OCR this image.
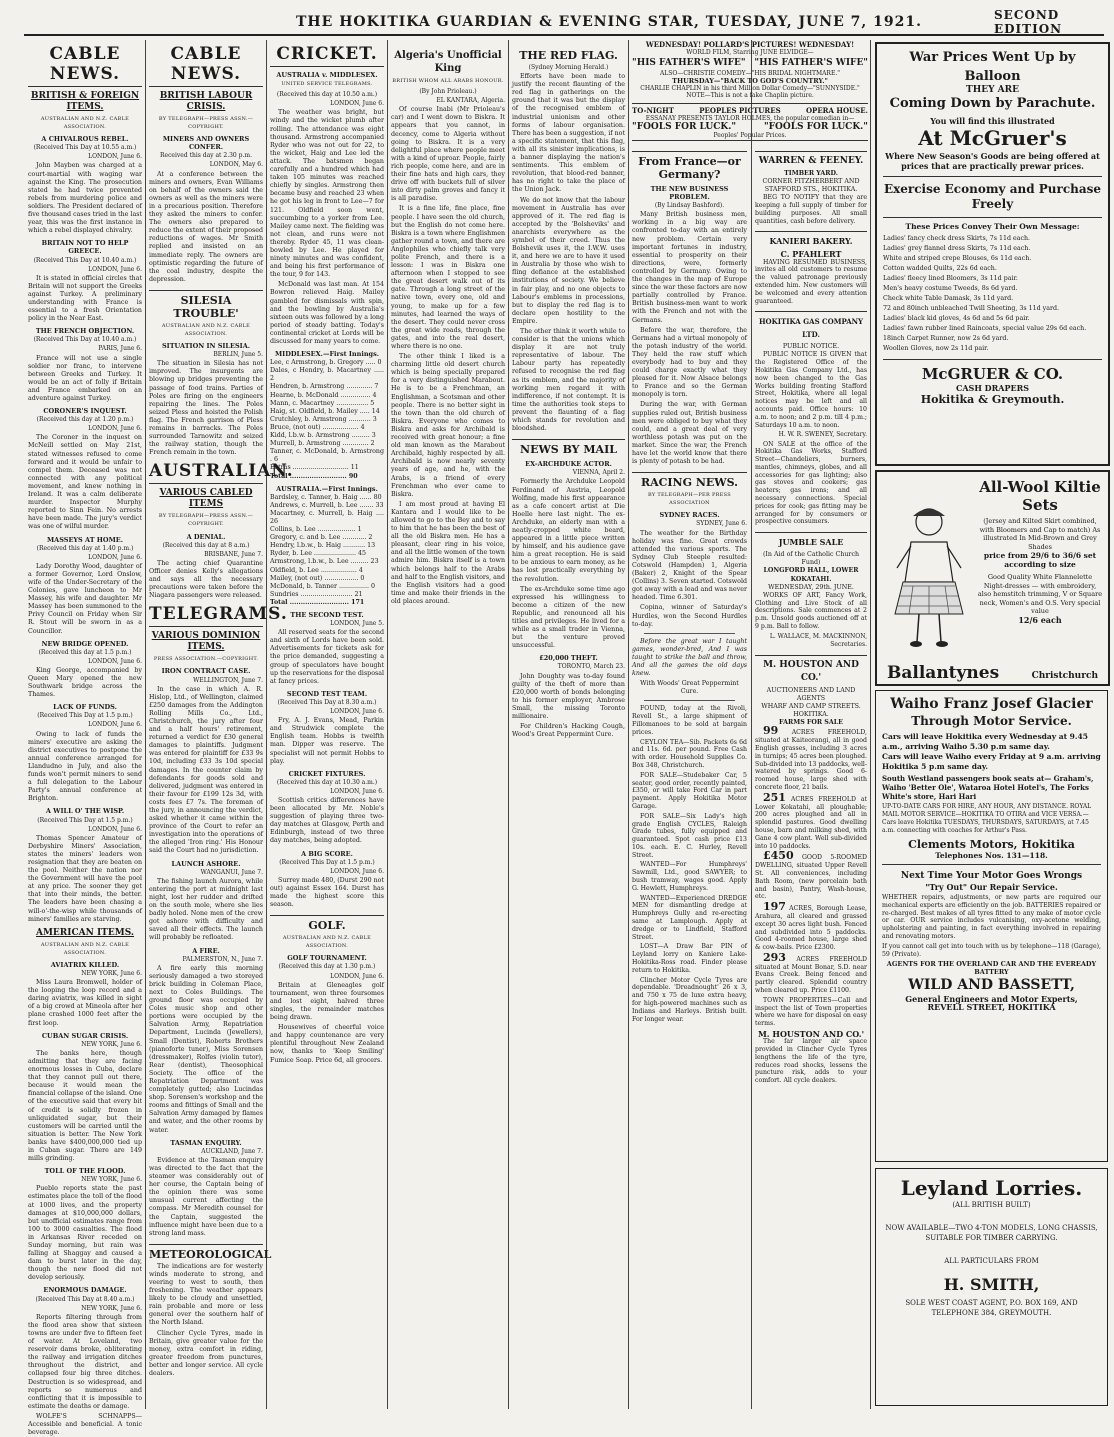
THE HOKITIKA GUARDIAN & EVENING STAR, TUESDAY, JUNE 7, 1921.	SECOND EDITION
CABLE NEWS.
BRITISH & FOREIGN ITEMS.
AUSTRALIAN AND N.Z. CABLE ASSOCIATION.
A CHIVALROUS REBEL.
(Received This Day at 10.55 a.m.)
LONDON, June 6.

John Mayben was charged at a court-martial with waging war against the King. The prosecution stated he had twice prevented rebels from murdering police and soldiers. The President declared of five thousand cases tried in the last year, this was the first instance in which a rebel displayed chivalry.

BRITAIN NOT TO HELP GREECE.
(Received This Day at 10.40 a.m.)
LONDON, June 6.

It is stated in official circles that Britain will not support the Greeks against Turkey. A preliminary understanding with France is essential to a fresh Orientation policy in the Near East.

THE FRENCH OBJECTION.
(Received This Day at 10.40 a.m.)
PARIS, June 6.

France will not use a single soldier nor franc, to intervene between Greeks and Turkey. It would be an act of folly if Britain and France embarked on an adventure against Turkey.

CORONER'S INQUEST.
(Received this day at 1.20 p.m.)
LONDON, June 6.

The Coroner in the inquest on McNeill settled on May 21st, stated witnesses refused to come forward and it would be unfair to compel them. Deceased was not connected with any political movement, and knew nothing in Ireland. It was a calm deliberate murder. Inspector Murphy reported to Sinn Fein. No arrests have been made. The jury's verdict was one of wilful murder.

MASSEYS AT HOME.
(Received this day at 1.40 p.m.)
LONDON, June 6.

Lady Dorothy Wood, daughter of a former Governor, Lord Onslow, wife of the Under-Secretary of the Colonies, gave luncheon to Mr Massey, his wife and daughter. Mr Massey has been summoned to the Privy Council on Friday when Sir R. Stout will be sworn in as a Councillor.

NEW BRIDGE OPENED.
(Received this day at 1.5 p.m.)
LONDON, June 6.

King George, accompanied by Queen Mary opened the new Southwark bridge across the Thames.

LACK OF FUNDS.
(Received This Day at 1.5 p.m.)
LONDON, June 6.

Owing to lack of funds the miners' executive are asking the district executives to postpone the annual conference arranged for Llandudno in July, and also the funds won't permit miners to send a full delegation to the Labour Party's annual conference at Brighton.

A WILL O' THE WISP.
(Received This Day at 1.5 p.m.)
LONDON, June 6.

Thomas Spencer Amateur of Derbyshire Miners' Association, states the miners' leaders won resignation that they are beaten on the pool. Neither the nation nor the Government will have the pool at any price. The sooner they get that into their minds, the better. The leaders have been chasing a will-o'-the-wisp while thousands of miners' families are starving.

AMERICAN ITEMS.
AUSTRALIAN AND N.Z. CABLE ASSOCIATION.
AVIATRIX KILLED.
NEW YORK, June 6.

Miss Laura Bromwell, holder of the looping the loop record and a daring aviatrix, was killed in sight of a big crowd at Mineola after her plane crashed 1000 feet after the first loop.

CUBAN SUGAR CRISIS.
NEW YORK, June 6.

The banks here, though admitting that they are facing enormous losses in Cuba, declare that they cannot pull out there, because it would mean the financial collapse of the island. One of the executive said that every bit of credit is solidly frozen in unliquidated sugar, but their customers will be carried until the situation is better. The New York banks have $400,000,000 tied up in Cuban sugar. There are 149 mills grinding.

TOLL OF THE FLOOD.
NEW YORK, June 6.

Pueblo reports state the past estimates place the toll of the flood at 1000 lives, and the property damages at $10,000,000 dollars, but unofficial estimates range from 100 to 3000 casualties. The flood in Arkansas River receded on Sunday morning, but rain was falling at Shaggay and caused a dam to burst later in the day, though the new flood did not develop seriously.

ENORMOUS DAMAGE.
(Received This Day at 8.40 a.m.)
NEW YORK, June 6.

Reports filtering through from the flood area show that sixteen towns are under five to fifteen feet of water. At Loveland, two reservoir dams broke, obliterating the railway and irrigation ditches throughout the district, and collapsed four big three ditches. Destruction is so widespread, and reports so numerous and conflicting that it is impossible to estimate the deaths or damage.

WOLFE'S SCHNAPPS—Accessible and beneficial. A tonic beverage.

CABLE NEWS.
BRITISH LABOUR CRISIS.
BY TELEGRAPH—PRESS ASSN.—COPYRIGHT.
MINERS AND OWNERS CONFER.
Received this day at 2.30 p.m.
LONDON, May 6.

At a conference between the miners and owners, Evan Williams on behalf of the owners said the owners as well as the miners were in a precarious position. Therefore they asked the miners to confer. The owners also prepared to reduce the extent of their proposed reductions of wages. Mr Smith replied and insisted on an immediate reply. The owners are optimistic regarding the future of the coal industry, despite the depression.

SILESIA TROUBLE'
AUSTRALIAN AND N.Z. CABLE ASSOCIATION.
SITUATION IN SILESIA.
BERLIN, June 5.

The situation in Silesia has not improved. The insurgents are blowing up bridges preventing the passage of food trains. Parties of Poles are firing on the engineers repairing the lines. The Poles seized Pless and hoisted the Polish flag. The French garrison of Pless remains in barracks. The Poles surrounded Tarnowitz and seized the railway station, though the French remain in the town.

AUSTRALIAN.
VARIOUS CABLED ITEMS
BY TELEGRAPH—PRESS ASSN.—COPYRIGHT.
A DENIAL.
(Received this day at 8 a.m.)
BRISBANE, June 7.

The acting chief Quarantine Officer denies Kelly's allegations and says all the necessary precautions were taken before the Niagara passengers were released.

TELEGRAMS.
VARIOUS DOMINION ITEMS.
PRESS ASSOCIATION.—COPYRIGHT.
IRON CONTRACT CASE.
WELLINGTON, June 7.

In the case in which A. R. Hislop, Ltd., of Wellington, claimed £250 damages from the Addington Rolling Mills Co., Ltd., Christchurch, the jury after four and a half hours' retirement, returned a verdict for £30 general damages to plaintiffs. Judgment was entered for plaintiff for £33 9s 10d, including £33 3s 10d special damages. In the counter claim by defendants for goods sold and delivered, judgment was entered in their favour for £199 12s 3d, with costs fees £7 7s. The foreman of the jury, in announcing the verdict, asked whether it came within the province of the Court to refer an investigation into the operations of the alleged 'Iron ring.' His Honour said the Court had no jurisdiction.

LAUNCH ASHORE.
WANGANUI, June 7.

The fishing launch Aurora, while entering the port at midnight last night, lost her rudder and drifted on the south mole, where she lies badly holed. None men of the crew got ashore with difficulty and saved all their effects. The launch will probably be refloated.

A FIRE.
PALMERSTON, N., June 7.

A fire early this morning seriously damaged a two storeyed brick building in Coleman Place, next to Coles Buildings. The ground floor was occupied by Coles music shop and other portions were occupied by the Salvation Army, Repatriation Department, Lucinda (Jewellers), Small (Dentist), Roberts Brothers (pianoforte tuner), Miss Sorensen (dressmaker), Rolfes (violin tutor), Rear (dentist), Theosophical Society. The office of the Repatriation Department was completely gutted; also Lucindas shop. Sorensen's workshop and the rooms and fittings of Small and the Salvation Army damaged by flames and water, and the other rooms by water.

TASMAN ENQUIRY.
AUCKLAND, June 7.

Evidence at the Tasman enquiry was directed to the fact that the steamer was considerably out of her course, the Captain being of the opinion there was some unusual current affecting the compass. Mr Meredith counsel for the Captain, suggested the influence might have been due to a strong land mass.

METEOROLOGICAL

The indications are for westerly winds moderate to strong, and veering to west to south, then freshening. The weather appears likely to be cloudy and unsettled, rain probable and more or less general over the southern half of the North Island.

Clincher Cycle Tyres, made in Britain, give greater value for the money, extra comfort in riding, greater freedom from punctures, better and longer service. All cycle dealers.

CRICKET.
AUSTRALIA v. MIDDLESEX.
UNITED SERVICE TELEGRAMS.
(Received this day at 10.50 a.m.)
LONDON, June 6.

The weather was bright, but windy and the wicket plumb after rolling. The attendance was eight thousand. Armstrong accompanied Ryder who was not out for 22, to the wicket, Haig and Lee led the attack. The batsmen began carefully and a hundred which had taken 105 minutes was reached chiefly by singles. Armstrong then became busy and reached 23 when he got his leg in front to Lee—7 for 121. Oldfield soon went, succumbing to a yorker from Lee. Mailey came next. The fielding was not clean, and runs were not thereby. Ryder 45, 11 was clean-bowled by Lee. He played for ninety minutes and was confident, and being his first performance of the tour, 9 for 143.

McDonald was last man. At 154 Bowron relieved Haig. Mailey gambled for dismissals with spin, and the bowling by Australia's sixteen outs was followed by a long period of steady batting. Today's continental cricket at Lords will be discussed for many years to come.

MIDDLESEX.—First Innings.
Lee, c Armstrong, b. Gregory ..... 0
Dales, c Hendry, b. Macartney ..... 2
Hendren, b. Armstrong ............. 7
Hearne, b. McDonald ............... 4
Mann, c. Macartney ................ 5
Haig, st. Oldfield, b. Mailey ..... 14
Crutchley, b. Armstrong ........... 3
Bruce, (not out) .................. 4
Kidd, l.b.w. b. Armstrong ......... 3
Murrell, b. Armstrong ............. 2
Tanner, c. McDonald, b. Armstrong . 6
Extras ............................ 11
Total .......................... 90
AUSTRALIA.—First Innings.
Bardsley, c. Tanner, b. Haig ...... 80
Andrews, c. Murrell, b. Lee ....... 33
Macartney, c. Murrell, b. Haig .... 26
Collins, b. Lee ................... 1
Gregory, c. and b. Lee ............ 2
Hendry, l.b.w., b. Haig ........... 13
Ryder, b. Lee ..................... 45
Armstrong, l.b.w., b. Lee ......... 23
Oldfield, b. Lee .................. 4
Mailey, (not out) ................. 0
McDonald, b. Tanner ............... 0
Sundries .......................... 21
Total ........................... 171
THE SECOND TEST.
LONDON, June 5.

All reserved seats for the second and sixth of Lords have been sold. Advertisements for tickets ask for the price demanded, suggesting a group of speculators have bought up the reservations for the disposal at fancy prices.

SECOND TEST TEAM.
(Received This Day at 8.30 a.m.)
LONDON, June 6.

Fry, A. J. Evans, Mead, Parkin and Strudwick complete the English team. Hobbs is twelfth man. Dipper was reserve. The specialist will not permit Hobbs to play.

CRICKET FIXTURES.
(Received this day at 10.30 a.m.)
LONDON, June 6.

Scottish critics differences have been allocated by Mr. Noble's suggestion of playing three two-day matches at Glasgow, Perth and Edinburgh, instead of two three day matches, being adopted.

A BIG SCORE.
(Received This Day at 1.5 p.m.)
LONDON, June 6.

Surrey made 480, (Durst 290 not out) against Essex 164. Durst has made the highest score this season.

GOLF.
AUSTRALIAN AND N.Z. CABLE ASSOCIATION.
GOLF TOURNAMENT.
(Received this day at 1.30 p.m.)
LONDON, June 6.

Britain at Gleneagles golf tournament, won three foursomes and lost eight, halved three singles, the remainder matches being drawn.

Housewives of cheerful voice and happy countenance are very plentiful throughout New Zealand now, thanks to 'Keep Smiling' Fumice Soap. Price 6d, all grocers.

Algeria's Unofficial King
BRITISH WHOM ALL ARABS HONOUR.
(By John Prioleau.)
EL KANTARA, Algeria.

Of course Inabi (Mr Prioleau's car) and I went down to Biskra. It appears that you cannot, in decency, come to Algeria without going to Biskra. It is a very delightful place where people meet with a kind of uproar. People, fairly rich people, come here, and are in their fine hats and high cars, they drive off with buckets full of silver into dirty palm groves and fancy it is all paradise.

It is a fine life, fine place, fine people. I have seen the old church, but the English do not come here. Biskra is a town where Englishmen gather round a town, and there are Anglophiles who chiefly talk very polite French, and there is a lesson: I was in Biskra one afternoon when I stopped to see the great desert walk out of its gate. Through a long street of the native town, every one, old and young, to make up for a few minutes, had learned the ways of the desert. They could never cross the great wide roads, through the gates, and into the real desert, where there is no one.

The other think I liked is a charming little old desert church which is being specially prepared for a very distinguished Marabout. He is to be a Frenchman, an Englishman, a Scotsman and other people. There is no better sight in the town than the old church of Biskra. Everyone who comes to Biskra and asks for Archibald is received with great honour; a fine old man known as the Marabout Archibald, highly respected by all. Archibald is now nearly seventy years of age, and he, with the Arabs, is a friend of every Frenchman who ever came to Biskra.

I am most proud at having El Kantara and I would like to be allowed to go to the Bey and to say to him that he has been the best of all the old Biskra men. He has a pleasant, clear ring in his voice, and all the little women of the town admire him. Biskra itself is a town which belongs half to the Arabs and half to the English visitors, and the English visitors had a good time and make their friends in the old places around.

THE RED FLAG.
(Sydney Morning Herald.)

Efforts have been made to justify the recent flaunting of the red flag in gatherings on the ground that it was but the display of the recognised emblem of industrial unionism and other forms of labour organisation. There has been a suggestion, if not a specific statement, that this flag, with all its sinister implications, is a banner displaying the nation's sentiments. This emblem of revolution, that blood-red banner, has no right to take the place of the Union Jack.

We do not know that the labour movement in Australia has ever approved of it. The red flag is accepted by the 'Bolsheviks' and anarchists everywhere as the symbol of their creed. Thus the Bolshevik uses it, the I.W.W. uses it, and here we are to have it used in Australia by those who wish to fling defiance at the established institutions of society. We believe in fair play, and no one objects to Labour's emblems in processions, but to display the red flag is to declare open hostility to the Empire.

The other think it worth while to consider is that the unions which display it are not truly representative of labour. The Labour party has repeatedly refused to recognise the red flag as its emblem, and the majority of working men regard it with indifference, if not contempt. It is time the authorities took steps to prevent the flaunting of a flag which stands for revolution and bloodshed.

NEWS BY MAIL
EX-ARCHDUKE ACTOR.
VIENNA, April 2.

Formerly the Archduke Leopold Ferdinand of Austria, Leopold Wolfing, made his first appearance as a cafe concert artist at Die Hoelle here last night. The ex-Archduke, an elderly man with a neatly-cropped white beard, appeared in a little piece written by himself, and his audience gave him a great reception. He is said to be anxious to earn money, as he has lost practically everything by the revolution.

The ex-Archduke some time ago expressed his willingness to become a citizen of the new Republic, and renounced all his titles and privileges. He lived for a while as a small trader in Vienna, but the venture proved unsuccessful.

£20,000 THEFT.
TORONTO, March 23.

John Doughty was to-day found guilty of the theft of more than £20,000 worth of bonds belonging to his former employer, Ambrose Small, the missing Toronto millionaire.

For Children's Hacking Cough, Wood's Great Peppermint Cure.

WEDNESDAY! POLLARD'S PICTURES! WEDNESDAY!
WORLD FILM, Starring JUNE ELVIDGE—
"HIS FATHER'S WIFE" "HIS FATHER'S WIFE"
ALSO—CHRISTIE COMEDY—"HIS BRIDAL NIGHTMARE."
THURSDAY—"BACK TO GOD'S COUNTRY."
CHARLIE CHAPLIN in his third Million Dollar Comedy—"SUNNYSIDE."
NOTE—This is not a fake Chaplin picture.
TO-NIGHT	PEOPLES PICTURES	OPERA HOUSE.
ESSANAY PRESENTS TAYLOR HOLMES, the popular comedian in—
"FOOLS FOR LUCK."	"FOOLS FOR LUCK."
Peoples' Popular Prices.
From France—or Germany?
THE NEW BUSINESS PROBLEM.
(By Lindsay Bashford).

Many British business men, working in a big way are confronted to-day with an entirely new problem. Certain very important fortunes in industry, essential to prosperity on their directions, were, formerly controlled by Germany. Owing to the changes in the map of Europe since the war these factors are now partially controlled by France. British business-men want to work with the French and not with the Germans.

Before the war, therefore, the Germans had a virtual monopoly of the potash industry of the world. They held the raw stuff which everybody had to buy and they could charge exactly what they pleased for it. Now Alsace belongs to France and so the German monopoly is torn.

During the war, with German supplies ruled out, British business men were obliged to buy what they could, and a great deal of very worthless potash was put on the market. Since the war, the French have let the world know that there is plenty of potash to be had.

RACING NEWS.
BY TELEGRAPH—PER PRESS ASSOCIATION
SYDNEY RACES.
SYDNEY, June 6.

The weather for the Birthday holiday was fine. Great crowds attended the various sports. The Sydney Club Steeple resulted: Cotswold (Hampden) 1, Algeria (Baker) 2, Knight of the Spear (Collins) 3. Seven started. Cotswold got away with a lead and was never headed. Time 6.301.

Copina, winner of Saturday's Hurdles, won the Second Hurdles to-day.

Before the great war I taught games, wonder-bred, And I was taught to strike the ball and throw, And all the games the old days knew.

With Woods' Great Peppermint Cure.

FOUND, today at the Rivoli, Revell St., a large shipment of Fillomanoes to be sold at bargain prices.

CEYLON TEA—Sib. Packets 6s 6d and 11s. 6d. per pound. Free Cash with order. Household Supplies Co. Box 348, Christchurch.

FOR SALE—Studebaker Car, 5 seater, good order, recently painted, £350, or will take Ford Car in part payment. Apply Hokitika Motor Garage.

FOR SALE—Six Lady's high grade English CYCLES, Raleigh Grade tubes, fully equipped and guaranteed. Spot cash price £13 10s. each. E. C. Hurley, Revell Street.

WANTED—For Humphreys' Sawmill, Ltd., good SAWYER; to bush tramway, wages good. Apply G. Hewlett, Humphreys.

WANTED—Experienced DREDGE MEN for dismantling dredge at Humphreys Gully and re-erecting same at Lamplough. Apply at dredge or to Lindfield, Stafford Street.

LOST—A Draw Bar PIN of Leyland lorry on Kaniere Lake-Hokitika-Ross road. Finder please return to Hokitika.

Clincher Motor Cycle Tyres are dependable. 'Dreadnought' 26 x 3, and 750 x 75 de luxe extra heavy, for high-powered machines such as Indians and Harleys. British built. For longer wear.

WARREN & FEENEY.
TIMBER YARD.
CORNER FITZHERBERT AND STAFFORD STS., HOKITIKA.

BEG TO NOTIFY that they are keeping a full supply of timber for building purposes. All small quantities, cash before delivery.

KANIERI BAKERY.
C. PFAHLERT

HAVING RESUMED BUSINESS, invites all old customers to resume the valued patronage previously extended him. New customers will be welcomed and every attention guaranteed.

HOKITIKA GAS COMPANY LTD.
PUBLIC NOTICE.

PUBLIC NOTICE IS GIVEN that the Registered Office of the Hokitika Gas Company Ltd., has now been changed to the Gas Works building fronting Stafford Street, Hokitika, where all legal notices may be left and all accounts paid. Office hours: 10 a.m. to noon; and 2 p.m. till 4 p.m.; Saturdays 10 a.m. to noon.

H. W. R. SWENEY, Secretary.

ON SALE at the office of the Hokitika Gas Works, Stafford Street—Chandeliers, burners, mantles, chimneys, globes, and all accessories for gas lighting; also gas stoves and cookers; gas heaters; gas irons; and all necessary connections. Special prices for cook; gas fitting may be arranged for by consumers or prospective consumers.

JUMBLE SALE
(In Aid of the Catholic Church Fund)
LONGFORD HALL, LOWER KOKATAHI.
WEDNESDAY, 29th. JUNE.

WORKS OF ART, Fancy Work, Clothing and Live Stock of all descriptions. Sale commences at 2 p.m. Unsold goods auctioned off at 9 p.m. Ball to follow.

L. WALLACE, M. MACKINNON, Secretaries.
M. HOUSTON AND CO.'
AUCTIONEERS AND LAND AGENTS
WHARF AND CAMP STREETS. HOKITIKA.
FARMS FOR SALE

99 ACRES FREEHOLD, situated at Kaiteorangi, all in good English grasses, including 3 acres in turnips; 45 acres been ploughed. Sub-divided into 13 paddocks, well-watered by springs. Good 6-roomed house, large shed with concrete floor, 21 bails.

251 ACRES FREEHOLD at Lower Kokatahi, all ploughable; 200 acres ploughed and all in splendid pastures. Good dwelling house, barn and milking shed, with Gane 4 cow plant. Well sub-divided into 10 paddocks.

£450 GOOD 5-ROOMED DWELLING, situated Upper Revell St. All conveniences, including Bath Room, (new porcelain bath and basin), Pantry, Wash-house, etc.

197 ACRES, Borough Lease, Arahura, all cleared and grassed except 30 acres light bush. Fenced and subdivided into 5 paddocks. Good 4-roomed house, large shed & cow-bails. Price £2300.

293 ACRES FREEHOLD situated at Mount Bonar, S.D. near Evans Creek. Being fenced and partly cleared. Splendid country when cleared up. Price £1100.

TOWN PROPERTIES—Call and inspect the list of Town properties where we have for disposal on easy terms.

M. HOUSTON AND CO.'

The far larger air space provided in Clincher Cycle Tyres lengthens the life of the tyre, reduces road shocks, lessens the puncture risk, adds to your comfort. All cycle dealers.

War Prices Went Up by Balloon
THEY ARE
Coming Down by Parachute.
You will find this illustrated
At McGruer's
Where New Season's Goods are being offered at prices that are practically prewar prices.
Exercise Economy and Purchase Freely
These Prices Convey Their Own Message:
Ladies' fancy check dress Skirts, 7s 11d each.
Ladies' grey flannel dress Skirts, 7s 11d each.
White and striped crepe Blouses, 6s 11d each.
Cotton wadded Quilts, 22s 6d each.
Ladies' fleecy lined Bloomers, 3s 11d pair.
Men's heavy costume Tweeds, 8s 6d yard.
Check white Table Damask, 3s 11d yard.
72 and 80inch unbleached Twill Sheeting, 3s 11d yard.
Ladies' black kid gloves, 4s 6d and 5s 6d pair.
Ladies' fawn rubber lined Raincoats, special value 29s 6d each.
18inch Carpet Runner, now 2s 6d yard.
Woollen Gloves, now 2s 11d pair.
McGRUER & CO.
CASH DRAPERS
Hokitika & Greymouth.
All-Wool Kiltie Sets
(Jersey and Kilted Skirt combined, with Bloomers and Cap to match) As illustrated In Mid-Brown and Grey Shades
price from 29/6 to 36/6 set according to size
Good Quality White Flannelette Night-dresses — with embroidery, also hemstitch trimming, V or Square neck, Women's and O.S. Very special value
12/6 each
Ballantynes	Christchurch
Waiho Franz Josef Glacier
Through Motor Service.
Cars will leave Hokitika every Wednesday at 9.45 a.m., arriving Waiho 5.30 p.m same day.
Cars will leave Waiho every Friday at 9 a.m. arriving Hokitika 5 p.m same day.
South Westland passengers book seats at— Graham's, Waiho 'Better Ole', Wataroa Hotel Hotel's, The Forks White's store, Hari Hari
UP-TO-DATE CARS FOR HIRE, ANY HOUR, ANY DISTANCE. ROYAL MAIL MOTOR SERVICE—HOKITIKA TO OTIRA and VICE VERSA.—Cars leave Hokitika TUESDAYS, THURSDAYS, SATURDAYS, at 7.45 a.m. connecting with coaches for Arthur's Pass.
Clements Motors, Hokitika
Telephones Nos. 131—118.
Next Time Your Motor Goes Wrongs
"Try Out" Our Repair Service.
WHETHER repairs, adjustments, or new parts are required our mechanical experts are efficiently on the job. BATTERIES repaired or re-charged. Best makes of all tyres fitted to any make of motor cycle or car. OUR service includes vulcanising, oxy-acetone welding, upholstering and painting, in fact everything involved in repairing and renovating motors.
If you cannot call get into touch with us by telephone—118 (Garage), 59 (Private).
AGENTS FOR THE OVERLAND CAR AND THE EVEREADY BATTERY
WILD AND BASSETT,
General Engineers and Motor Experts,
REVELL STREET, HOKITIKA
Leyland Lorries.
(ALL BRITISH BUILT)
NOW AVAILABLE—TWO 4-TON MODELS, LONG CHASSIS, SUITABLE FOR TIMBER CARRYING.
ALL PARTICULARS FROM
H. SMITH,
SOLE WEST COAST AGENT, P.O. BOX 169, AND TELEPHONE 384, GREYMOUTH.
